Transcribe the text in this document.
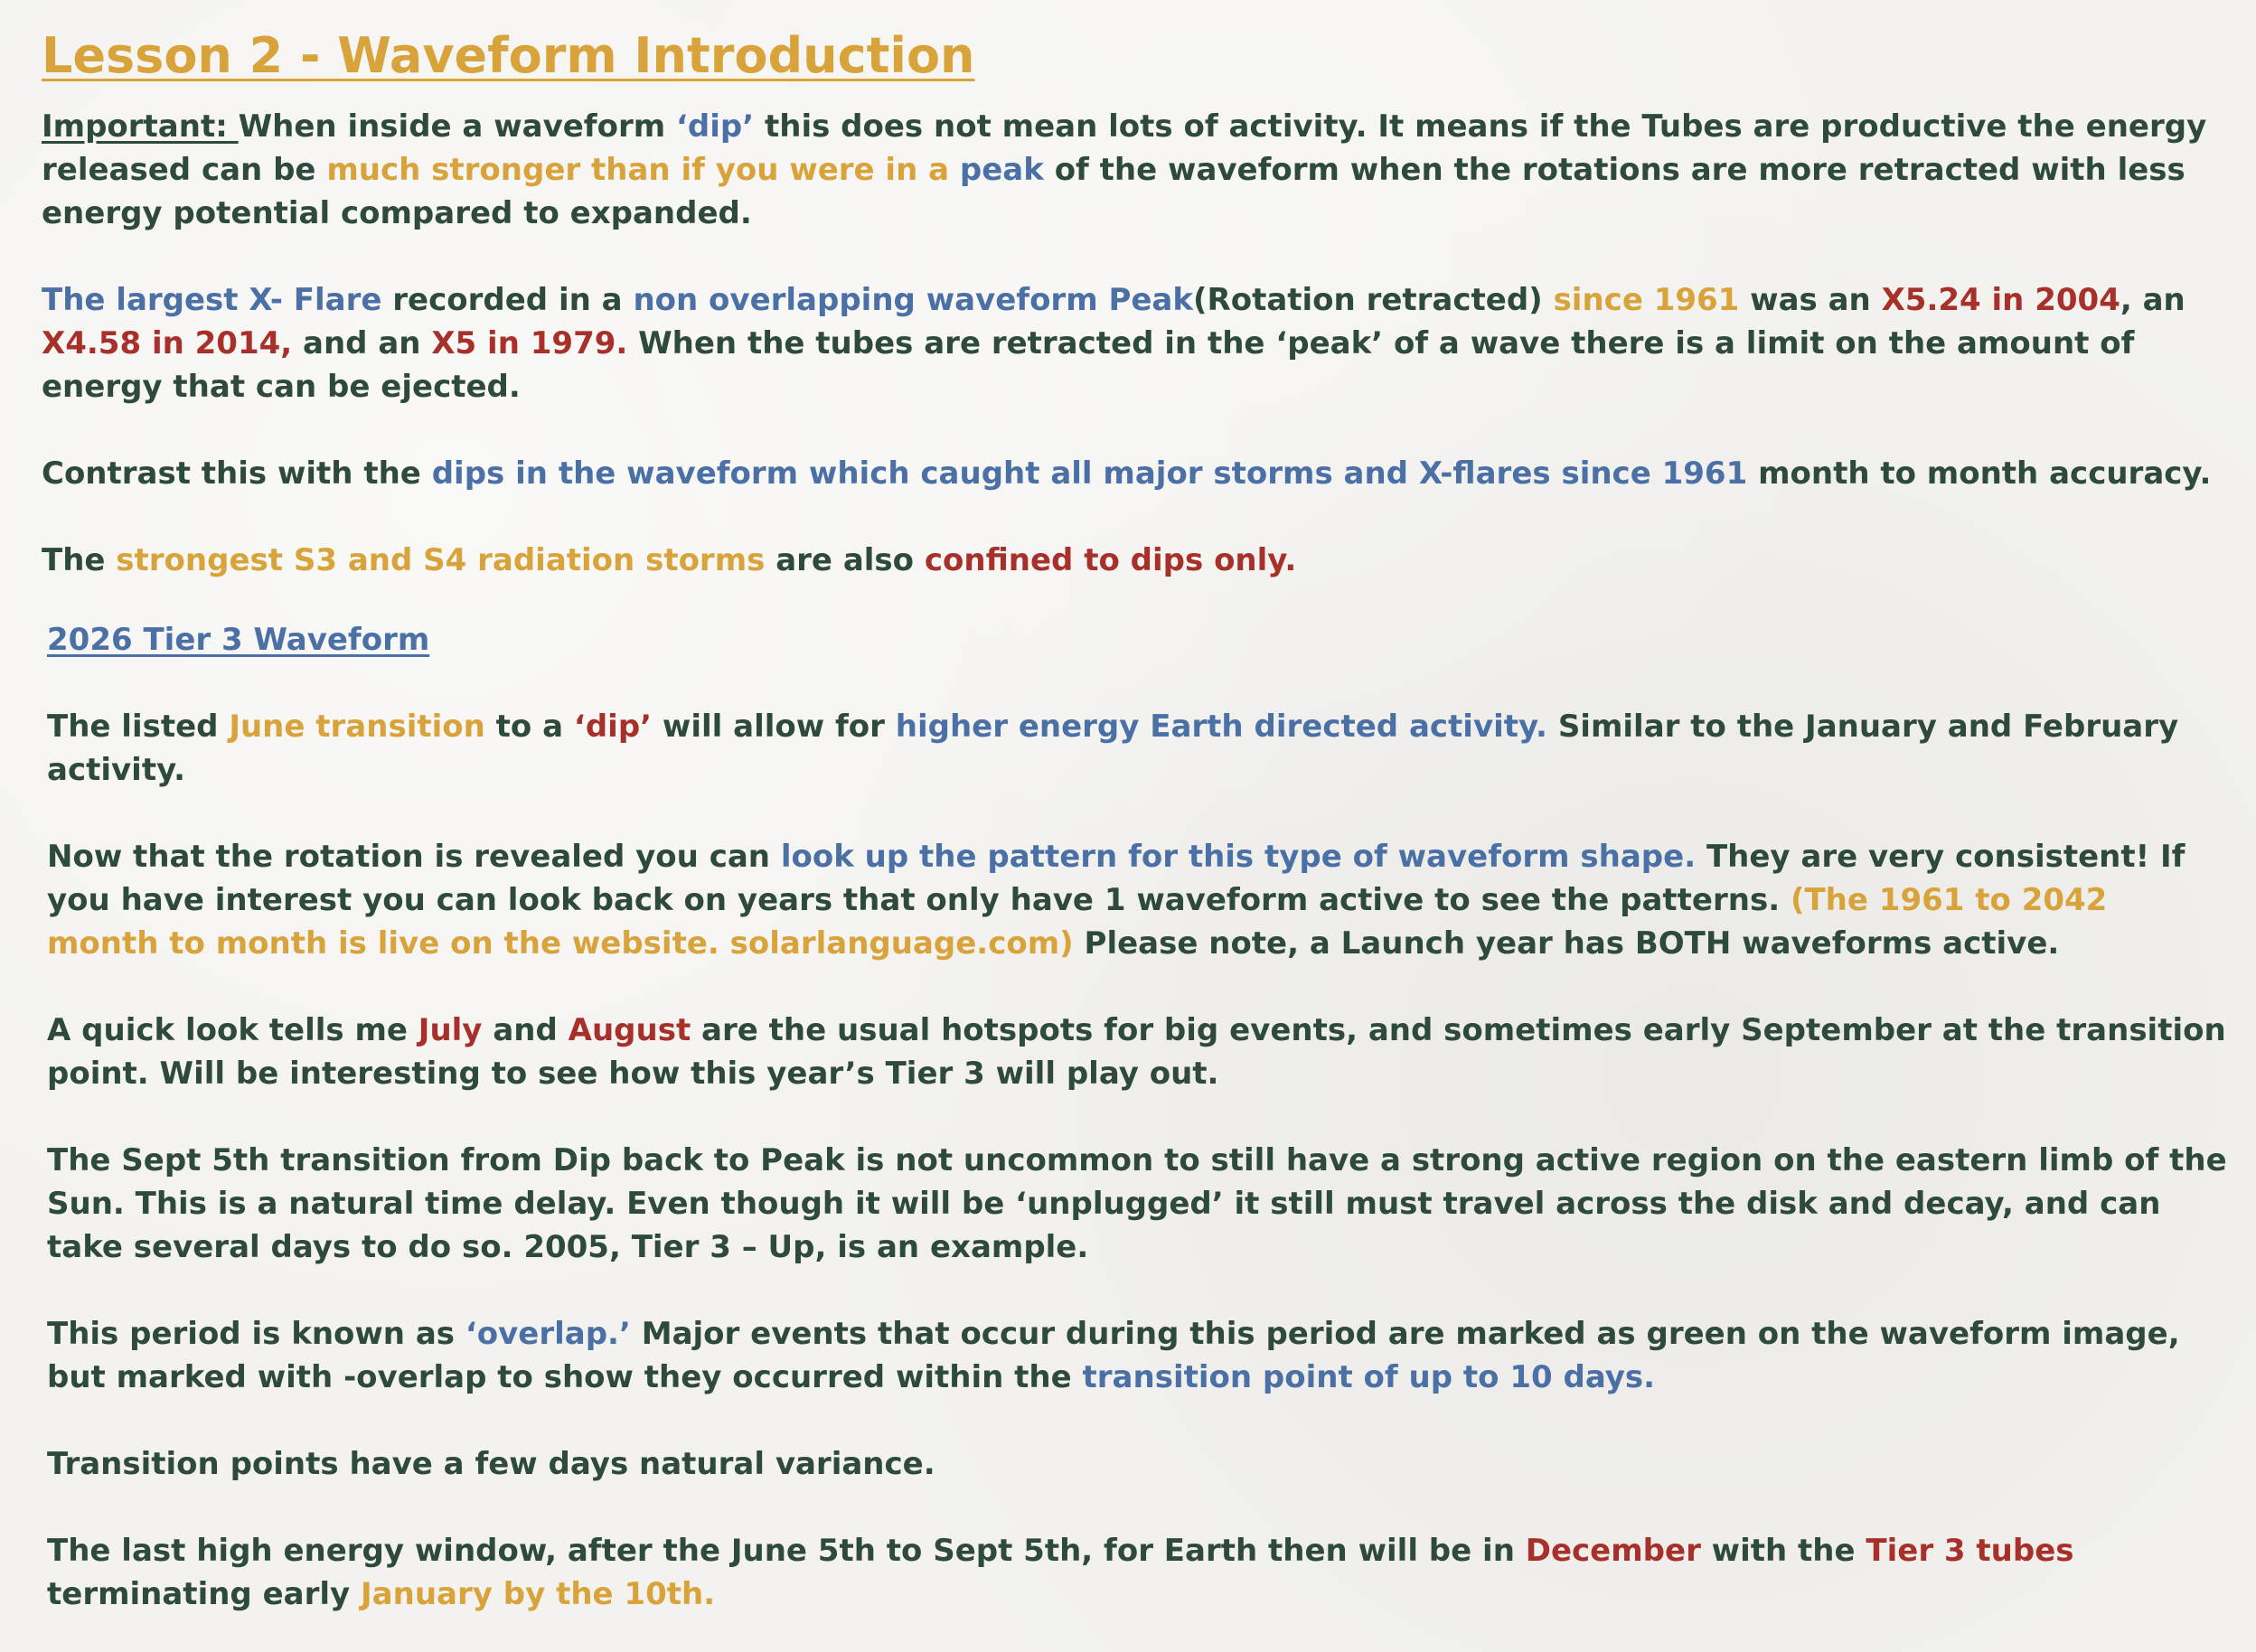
Lesson 2 - Waveform Introduction

Important: When inside a waveform ‘dip’ this does not mean lots of activity. It means if the Tubes are productive the energy released can be much stronger than if you were in a peak of the waveform when the rotations are more retracted with less energy potential compared to expanded.

The largest X- Flare recorded in a non overlapping waveform Peak(Rotation retracted) since 1961 was an X5.24 in 2004, an X4.58 in 2014, and an X5 in 1979. When the tubes are retracted in the ‘peak’ of a wave there is a limit on the amount of energy that can be ejected.

Contrast this with the dips in the waveform which caught all major storms and X-flares since 1961 month to month accuracy.

The strongest S3 and S4 radiation storms are also confined to dips only.

2026 Tier 3 Waveform

The listed June transition to a ‘dip’ will allow for higher energy Earth directed activity. Similar to the January and February activity.

Now that the rotation is revealed you can look up the pattern for this type of waveform shape. They are very consistent! If you have interest you can look back on years that only have 1 waveform active to see the patterns. (The 1961 to 2042 month to month is live on the website. solarlanguage.com) Please note, a Launch year has BOTH waveforms active.

A quick look tells me July and August are the usual hotspots for big events, and sometimes early September at the transition point. Will be interesting to see how this year’s Tier 3 will play out.

The Sept 5th transition from Dip back to Peak is not uncommon to still have a strong active region on the eastern limb of the Sun. This is a natural time delay. Even though it will be ‘unplugged’ it still must travel across the disk and decay, and can take several days to do so. 2005, Tier 3 – Up, is an example.

This period is known as ‘overlap.’ Major events that occur during this period are marked as green on the waveform image, but marked with -overlap to show they occurred within the transition point of up to 10 days.

Transition points have a few days natural variance.

The last high energy window, after the June 5th to Sept 5th, for Earth then will be in December with the Tier 3 tubes terminating early January by the 10th.
